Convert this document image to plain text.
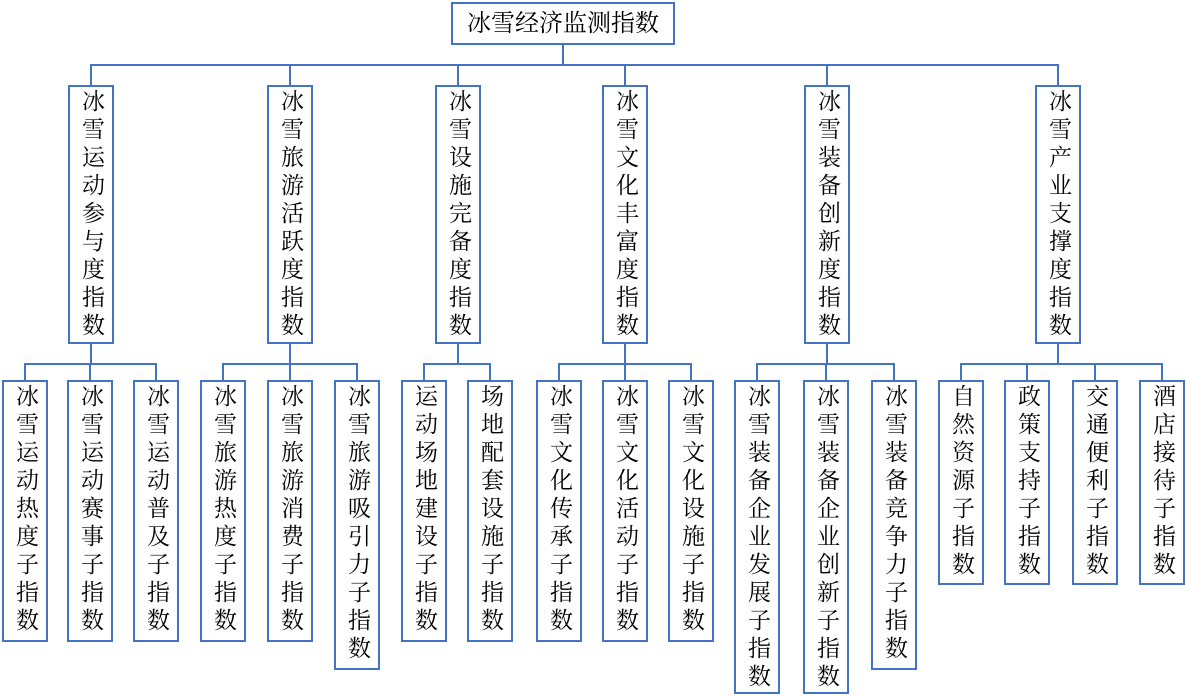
冰雪经济监测指数
冰雪运动参与度指数	冰雪旅游活跃度指数	冰雪设施完备度指数	冰雪文化丰富度指数	冰雪装备创新度指数	冰雪产业支撑度指数
冰雪运动热度子指数	冰雪运动赛事子指数	冰雪运动普及子指数	冰雪旅游热度子指数	冰雪旅游消费子指数	冰雪旅游吸引力子指数	运动场地建设子指数	场地配套设施子指数	冰雪文化传承子指数	冰雪文化活动子指数	冰雪文化设施子指数	冰雪装备企业发展子指数	冰雪装备企业创新子指数	冰雪装备竞争力子指数	自然资源子指数	政策支持子指数	交通便利子指数	酒店接待子指数
